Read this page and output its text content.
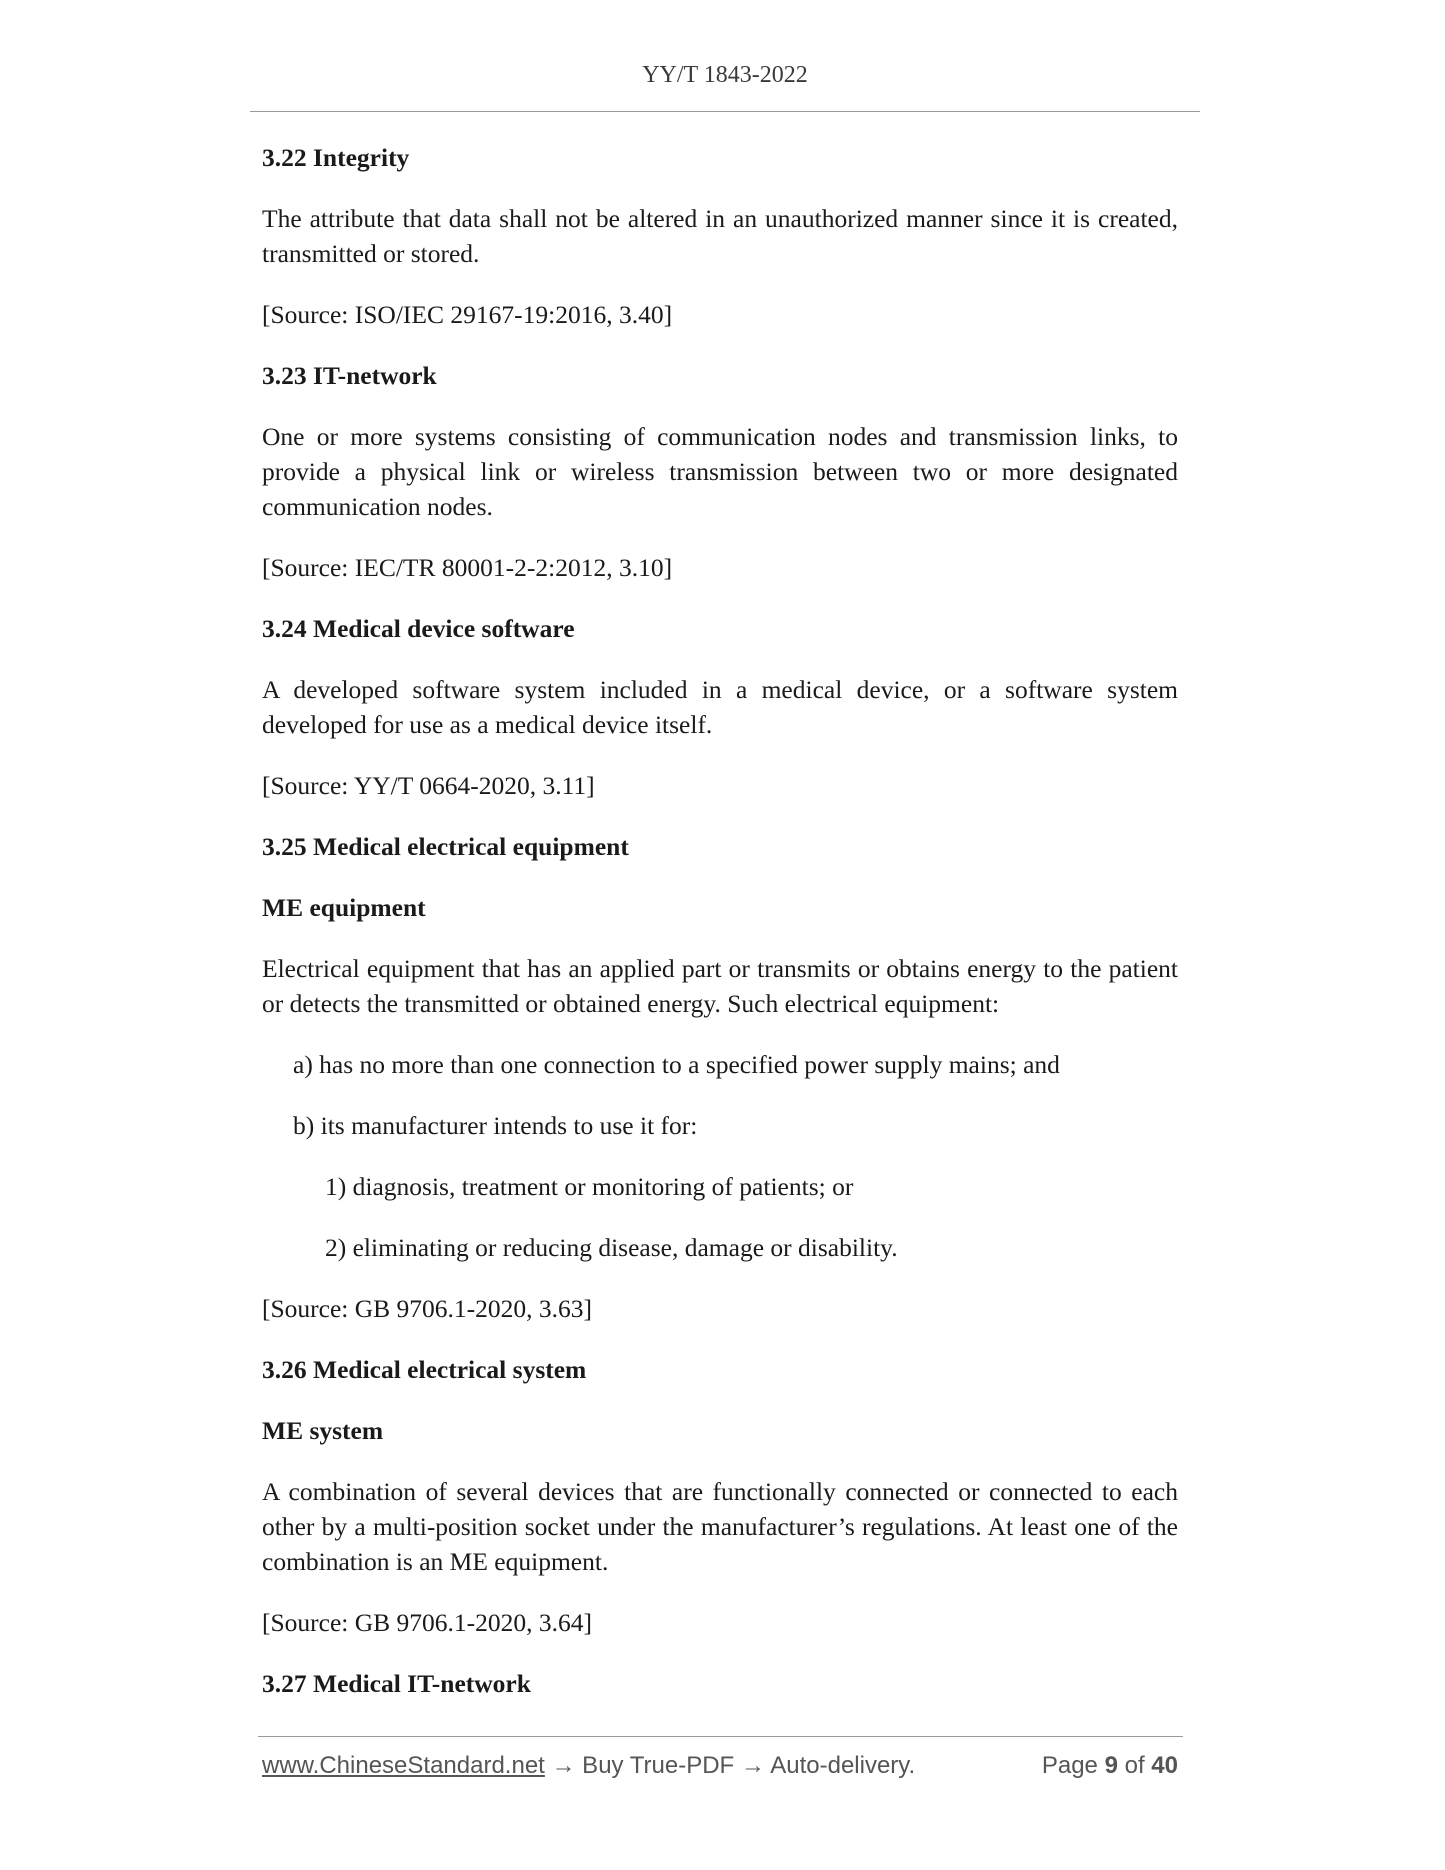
YY/T 1843-2022

3.22 Integrity

The attribute that data shall not be altered in an unauthorized manner since it is created, transmitted or stored.

[Source: ISO/IEC 29167-19:2016, 3.40]

3.23 IT-network

One or more systems consisting of communication nodes and transmission links, to provide a physical link or wireless transmission between two or more designated communication nodes.

[Source: IEC/TR 80001-2-2:2012, 3.10]

3.24 Medical device software

A developed software system included in a medical device, or a software system developed for use as a medical device itself.

[Source: YY/T 0664-2020, 3.11]

3.25 Medical electrical equipment

ME equipment

Electrical equipment that has an applied part or transmits or obtains energy to the patient or detects the transmitted or obtained energy. Such electrical equipment:

a) has no more than one connection to a specified power supply mains; and

b) its manufacturer intends to use it for:

1) diagnosis, treatment or monitoring of patients; or

2) eliminating or reducing disease, damage or disability.

[Source: GB 9706.1-2020, 3.63]

3.26 Medical electrical system

ME system

A combination of several devices that are functionally connected or connected to each other by a multi-position socket under the manufacturer’s regulations. At least one of the combination is an ME equipment.

[Source: GB 9706.1-2020, 3.64]

3.27 Medical IT-network

www.ChineseStandard.net → Buy True-PDF → Auto-delivery.	Page 9 of 40
